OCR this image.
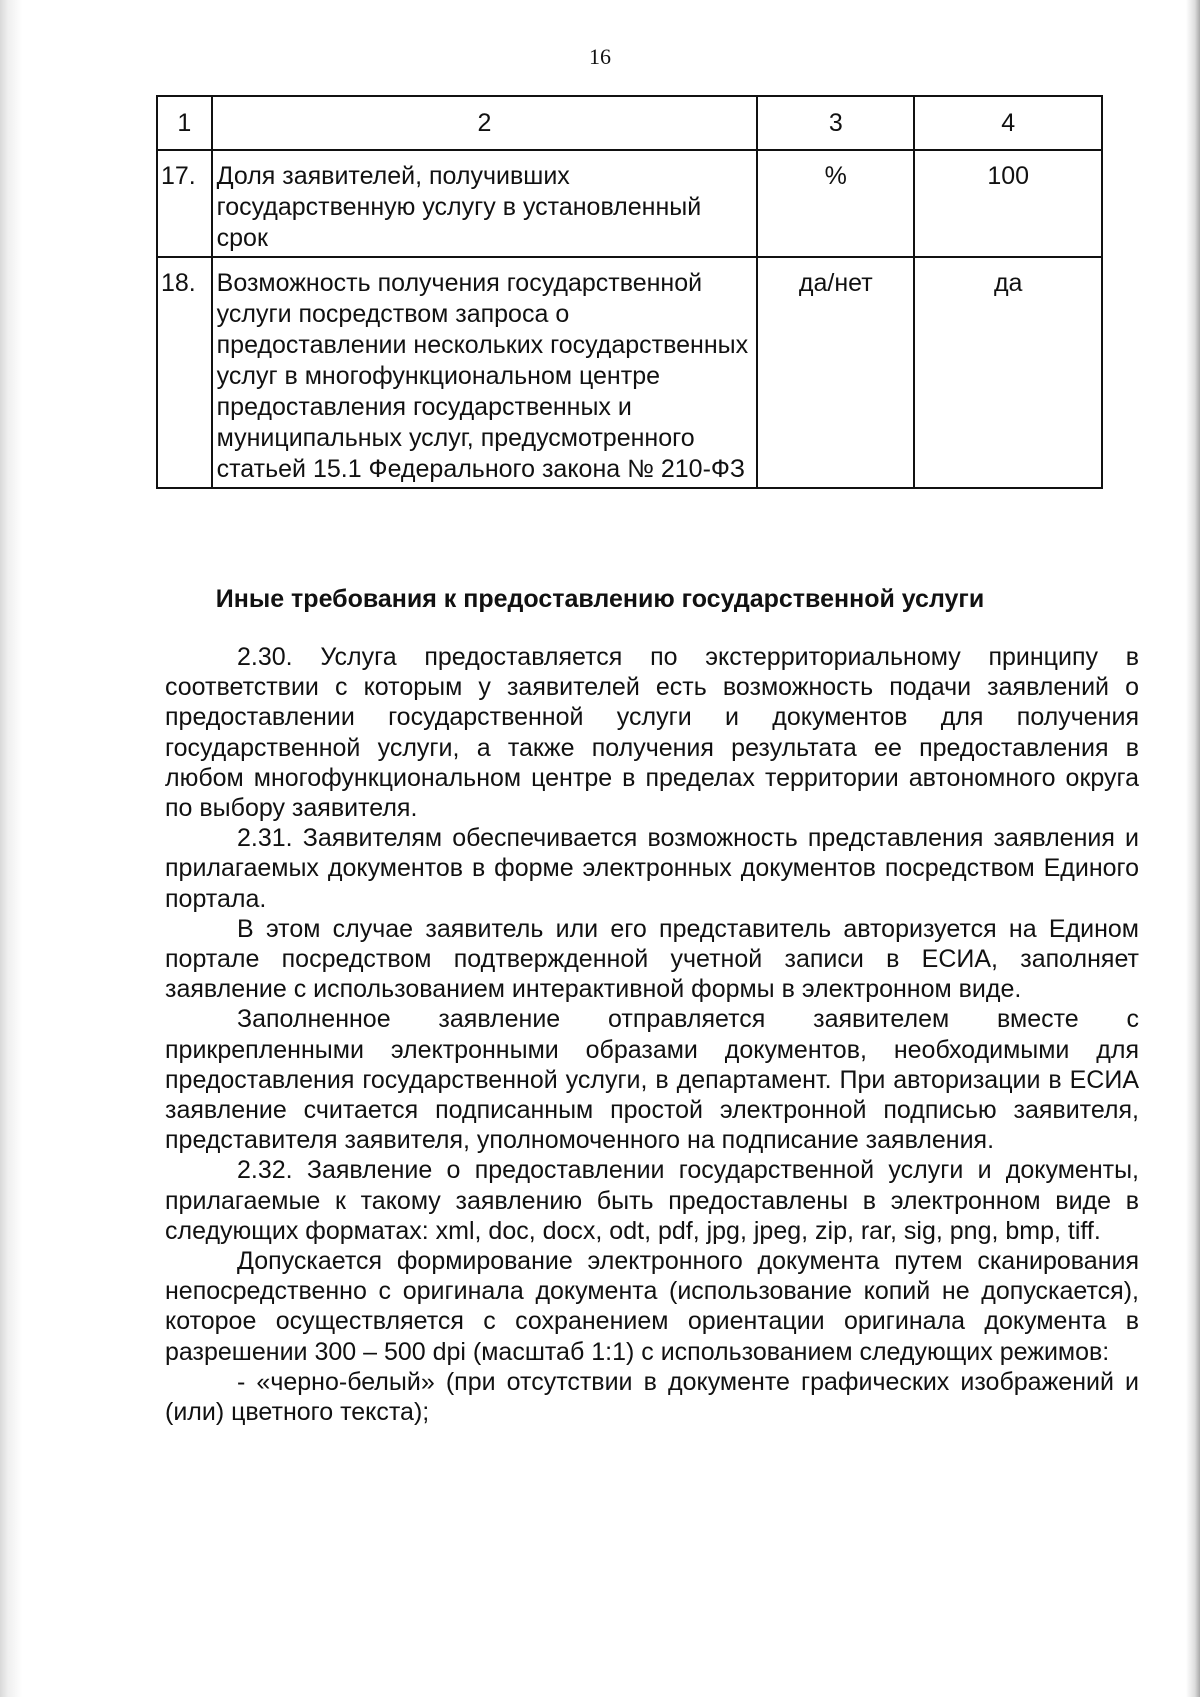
16
1	2	3	4
17.	Доля заявителей, получивших государственную услугу в установленный срок	%	100
18.	Возможность получения государственной услуги посредством запроса о предоставлении нескольких государственных услуг в многофункциональном центре предоставления государственных и муниципальных услуг, предусмотренного статьей 15.1 Федерального закона № 210-ФЗ	да/нет	да
Иные требования к предоставлению государственной услуги

2.30. Услуга предоставляется по экстерриториальному принципу в соответствии с которым у заявителей есть возможность подачи заявлений о предоставлении государственной услуги и документов для получения государственной услуги, а также получения результата ее предоставления в любом многофункциональном центре в пределах территории автономного округа по выбору заявителя.

2.31. Заявителям обеспечивается возможность представления заявления и прилагаемых документов в форме электронных документов посредством Единого портала.

В этом случае заявитель или его представитель авторизуется на Едином портале посредством подтвержденной учетной записи в ЕСИА, заполняет заявление с использованием интерактивной формы в электронном виде.

Заполненное заявление отправляется заявителем вместе с прикрепленными электронными образами документов, необходимыми для предоставления государственной услуги, в департамент. При авторизации в ЕСИА заявление считается подписанным простой электронной подписью заявителя, представителя заявителя, уполномоченного на подписание заявления.

2.32. Заявление о предоставлении государственной услуги и документы, прилагаемые к такому заявлению быть предоставлены в электронном виде в следующих форматах: xml, doc, docx, odt, pdf, jpg, jpeg, zip, rar, sig, png, bmp, tiff.

Допускается формирование электронного документа путем сканирования непосредственно с оригинала документа (использование копий не допускается), которое осуществляется с сохранением ориентации оригинала документа в разрешении 300 – 500 dpi (масштаб 1:1) с использованием следующих режимов:

- «черно-белый» (при отсутствии в документе графических изображений и (или) цветного текста);
